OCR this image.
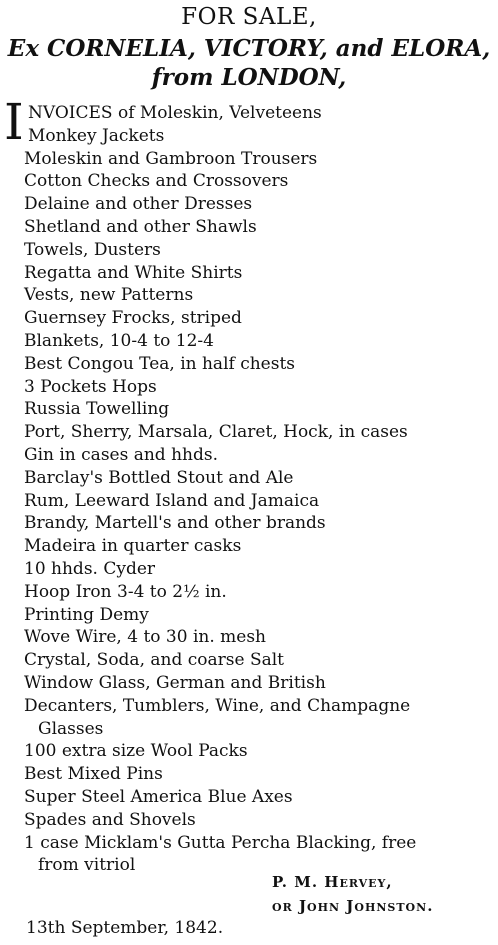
FOR SALE,
Ex CORNELIA, VICTORY, and ELORA,
from LONDON,
I NVOICES of Moleskin, Velveteens
Monkey Jackets
Moleskin and Gambroon Trousers
Cotton Checks and Crossovers
Delaine and other Dresses
Shetland and other Shawls
Towels, Dusters
Regatta and White Shirts
Vests, new Patterns
Guernsey Frocks, striped
Blankets, 10-4 to 12-4
Best Congou Tea, in half chests
3 Pockets Hops
Russia Towelling
Port, Sherry, Marsala, Claret, Hock, in cases
Gin in cases and hhds.
Barclay's Bottled Stout and Ale
Rum, Leeward Island and Jamaica
Brandy, Martell's and other brands
Madeira in quarter casks
10 hhds. Cyder
Hoop Iron 3-4 to 2½ in.
Printing Demy
Wove Wire, 4 to 30 in. mesh
Crystal, Soda, and coarse Salt
Window Glass, German and British
Decanters, Tumblers, Wine, and Champagne
Glasses
100 extra size Wool Packs
Best Mixed Pins
Super Steel America Blue Axes
Spades and Shovels
1 case Micklam's Gutta Percha Blacking, free
from vitriol
P. M. Hervey,
or John Johnston.
13th September, 1842.
